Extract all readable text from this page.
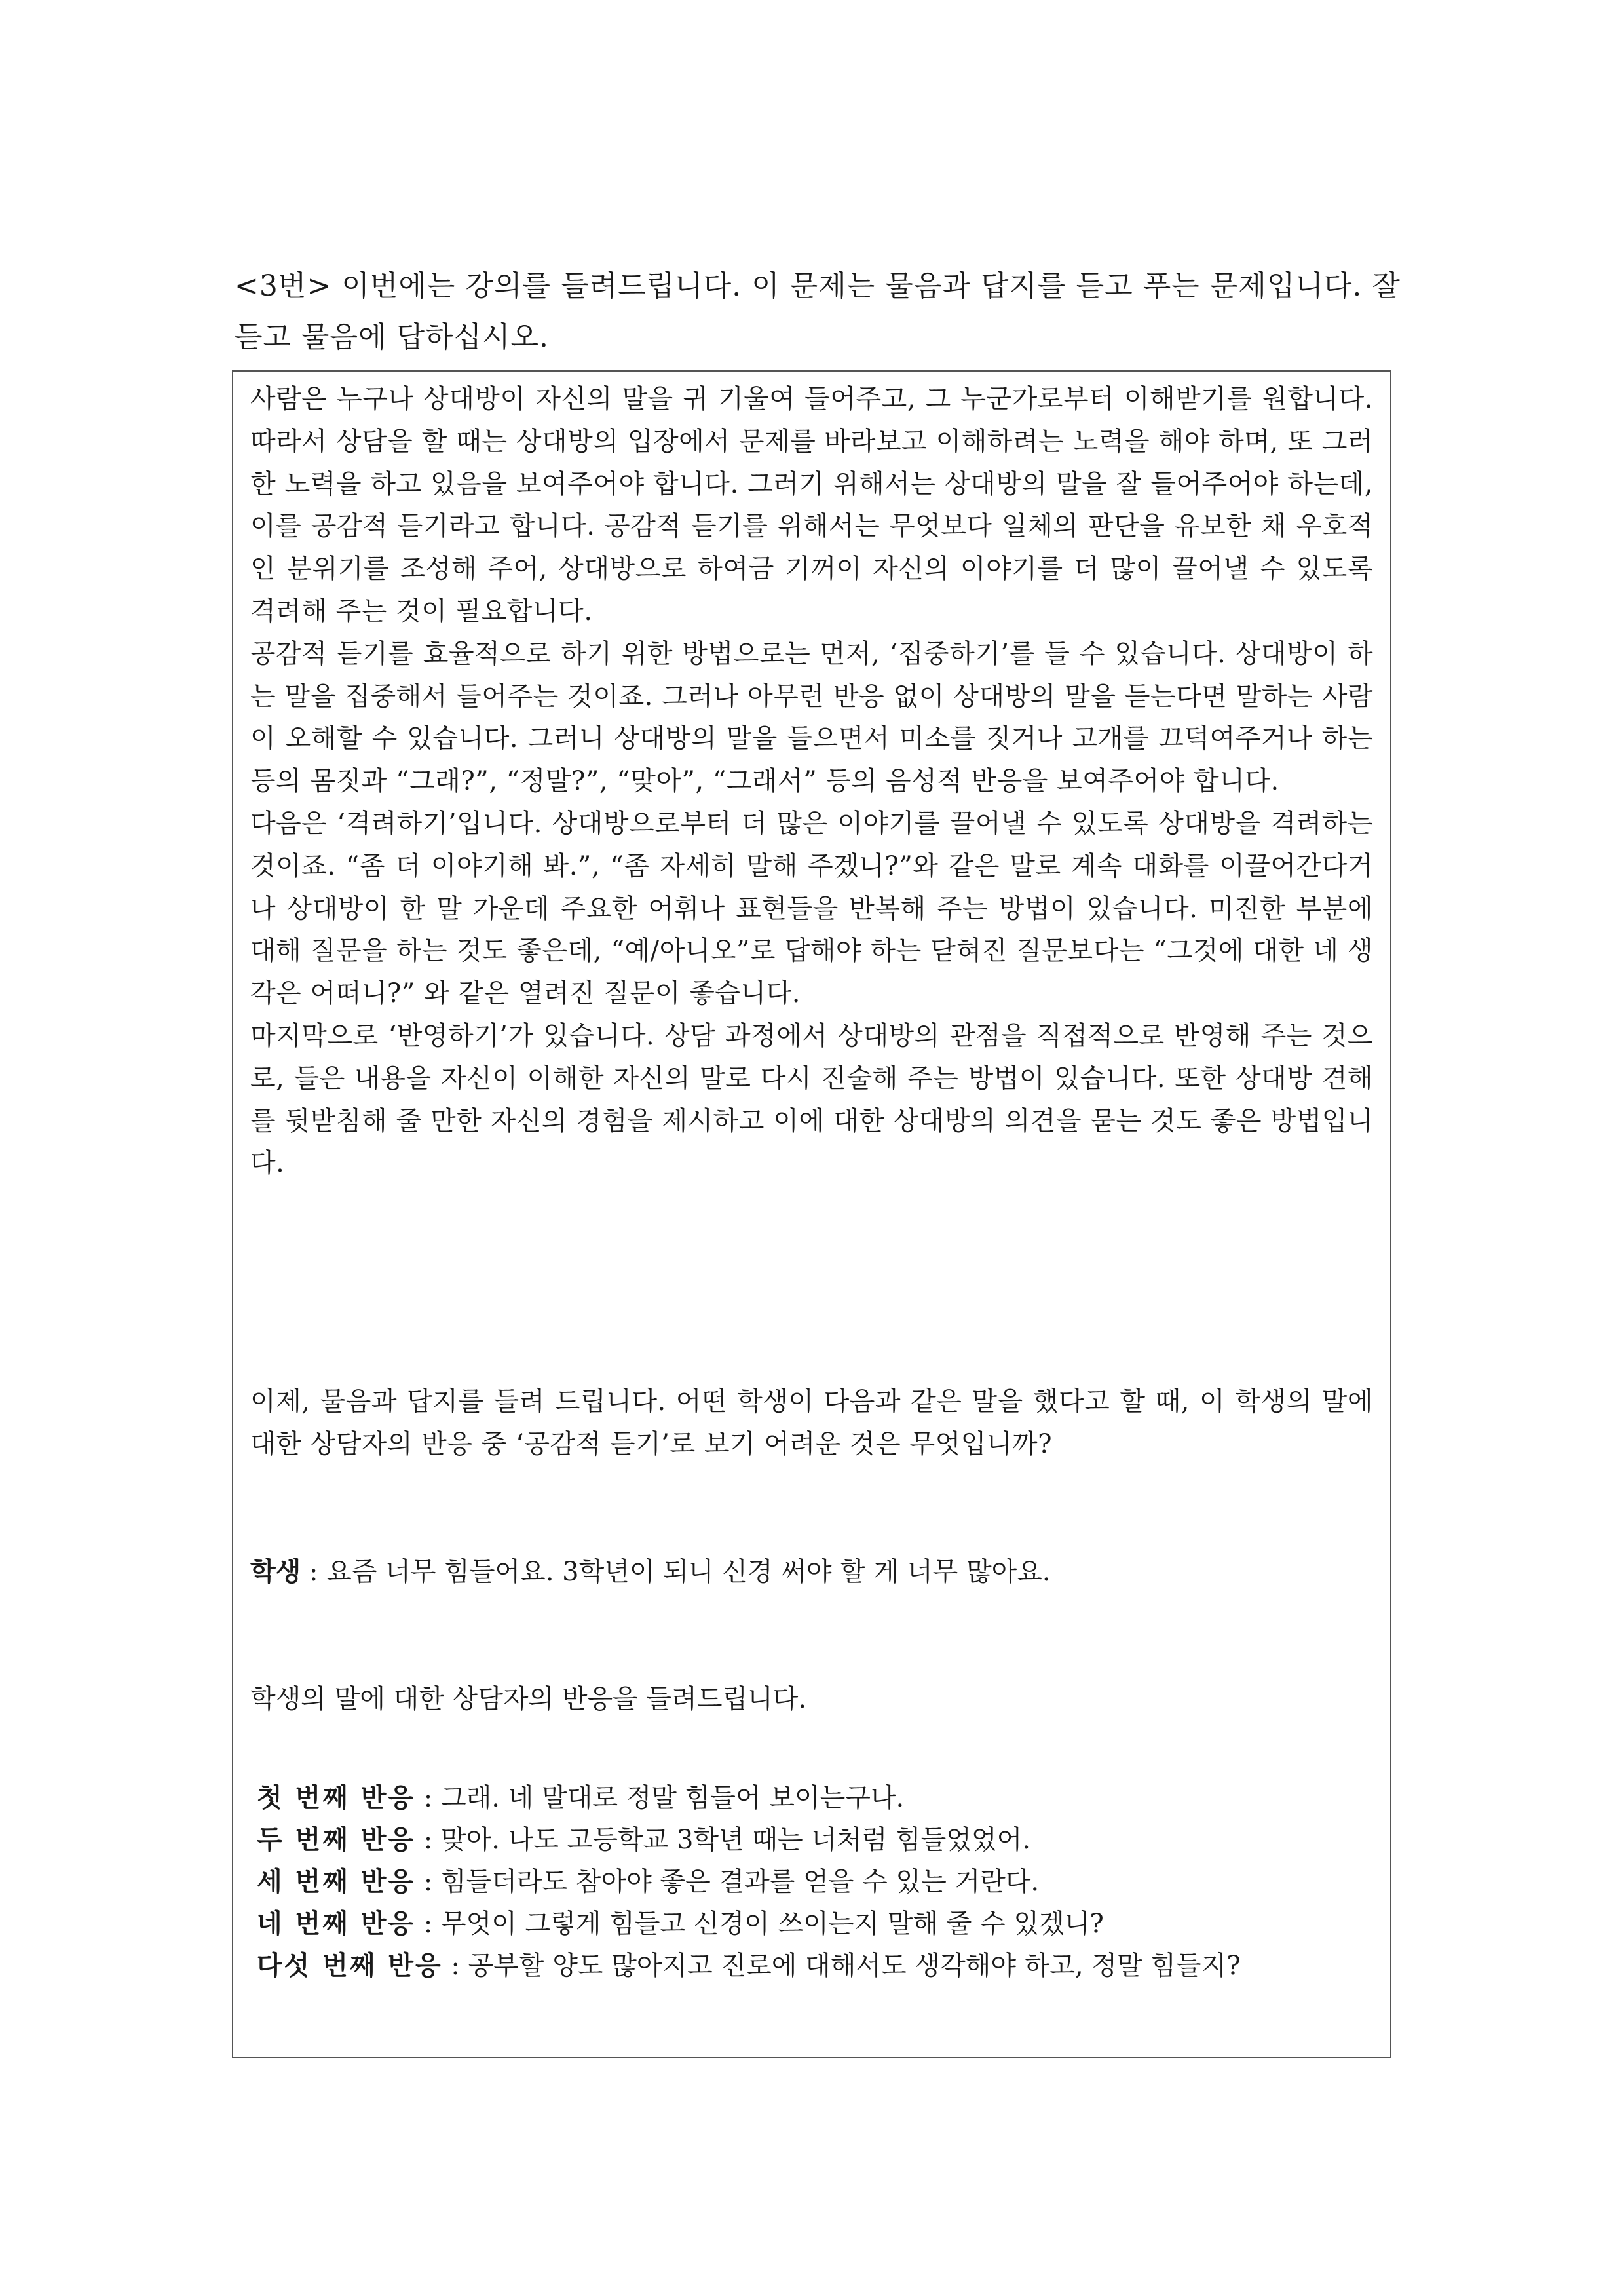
<3번> 이번에는 강의를 들려드립니다. 이 문제는 물음과 답지를 듣고 푸는 문제입니다. 잘 듣고 물음에 답하십시오.

사람은 누구나 상대방이 자신의 말을 귀 기울여 들어주고, 그 누군가로부터 이해받기를 원합니다. 따라서 상담을 할 때는 상대방의 입장에서 문제를 바라보고 이해하려는 노력을 해야 하며, 또 그러한 노력을 하고 있음을 보여주어야 합니다. 그러기 위해서는 상대방의 말을 잘 들어주어야 하는데, 이를 공감적 듣기라고 합니다. 공감적 듣기를 위해서는 무엇보다 일체의 판단을 유보한 채 우호적인 분위기를 조성해 주어, 상대방으로 하여금 기꺼이 자신의 이야기를 더 많이 끌어낼 수 있도록 격려해 주는 것이 필요합니다.

공감적 듣기를 효율적으로 하기 위한 방법으로는 먼저, ‘집중하기’를 들 수 있습니다. 상대방이 하는 말을 집중해서 들어주는 것이죠. 그러나 아무런 반응 없이 상대방의 말을 듣는다면 말하는 사람이 오해할 수 있습니다. 그러니 상대방의 말을 들으면서 미소를 짓거나 고개를 끄덕여주거나 하는 등의 몸짓과 “그래?”, “정말?”, “맞아”, “그래서” 등의 음성적 반응을 보여주어야 합니다.

다음은 ‘격려하기’입니다. 상대방으로부터 더 많은 이야기를 끌어낼 수 있도록 상대방을 격려하는 것이죠. “좀 더 이야기해 봐.”, “좀 자세히 말해 주겠니?”와 같은 말로 계속 대화를 이끌어간다거나 상대방이 한 말 가운데 주요한 어휘나 표현들을 반복해 주는 방법이 있습니다. 미진한 부분에 대해 질문을 하는 것도 좋은데, “예/아니오”로 답해야 하는 닫혀진 질문보다는 “그것에 대한 네 생각은 어떠니?” 와 같은 열려진 질문이 좋습니다.

마지막으로 ‘반영하기’가 있습니다. 상담 과정에서 상대방의 관점을 직접적으로 반영해 주는 것으로, 들은 내용을 자신이 이해한 자신의 말로 다시 진술해 주는 방법이 있습니다. 또한 상대방 견해를 뒷받침해 줄 만한 자신의 경험을 제시하고 이에 대한 상대방의 의견을 묻는 것도 좋은 방법입니다.

이제, 물음과 답지를 들려 드립니다. 어떤 학생이 다음과 같은 말을 했다고 할 때, 이 학생의 말에 대한 상담자의 반응 중 ‘공감적 듣기’로 보기 어려운 것은 무엇입니까?
학생 : 요즘 너무 힘들어요. 3학년이 되니 신경 써야 할 게 너무 많아요.
학생의 말에 대한 상담자의 반응을 들려드립니다.

첫 번째 반응 : 그래. 네 말대로 정말 힘들어 보이는구나.

두 번째 반응 : 맞아. 나도 고등학교 3학년 때는 너처럼 힘들었었어.

세 번째 반응 : 힘들더라도 참아야 좋은 결과를 얻을 수 있는 거란다.

네 번째 반응 : 무엇이 그렇게 힘들고 신경이 쓰이는지 말해 줄 수 있겠니?

다섯 번째 반응 : 공부할 양도 많아지고 진로에 대해서도 생각해야 하고, 정말 힘들지?
